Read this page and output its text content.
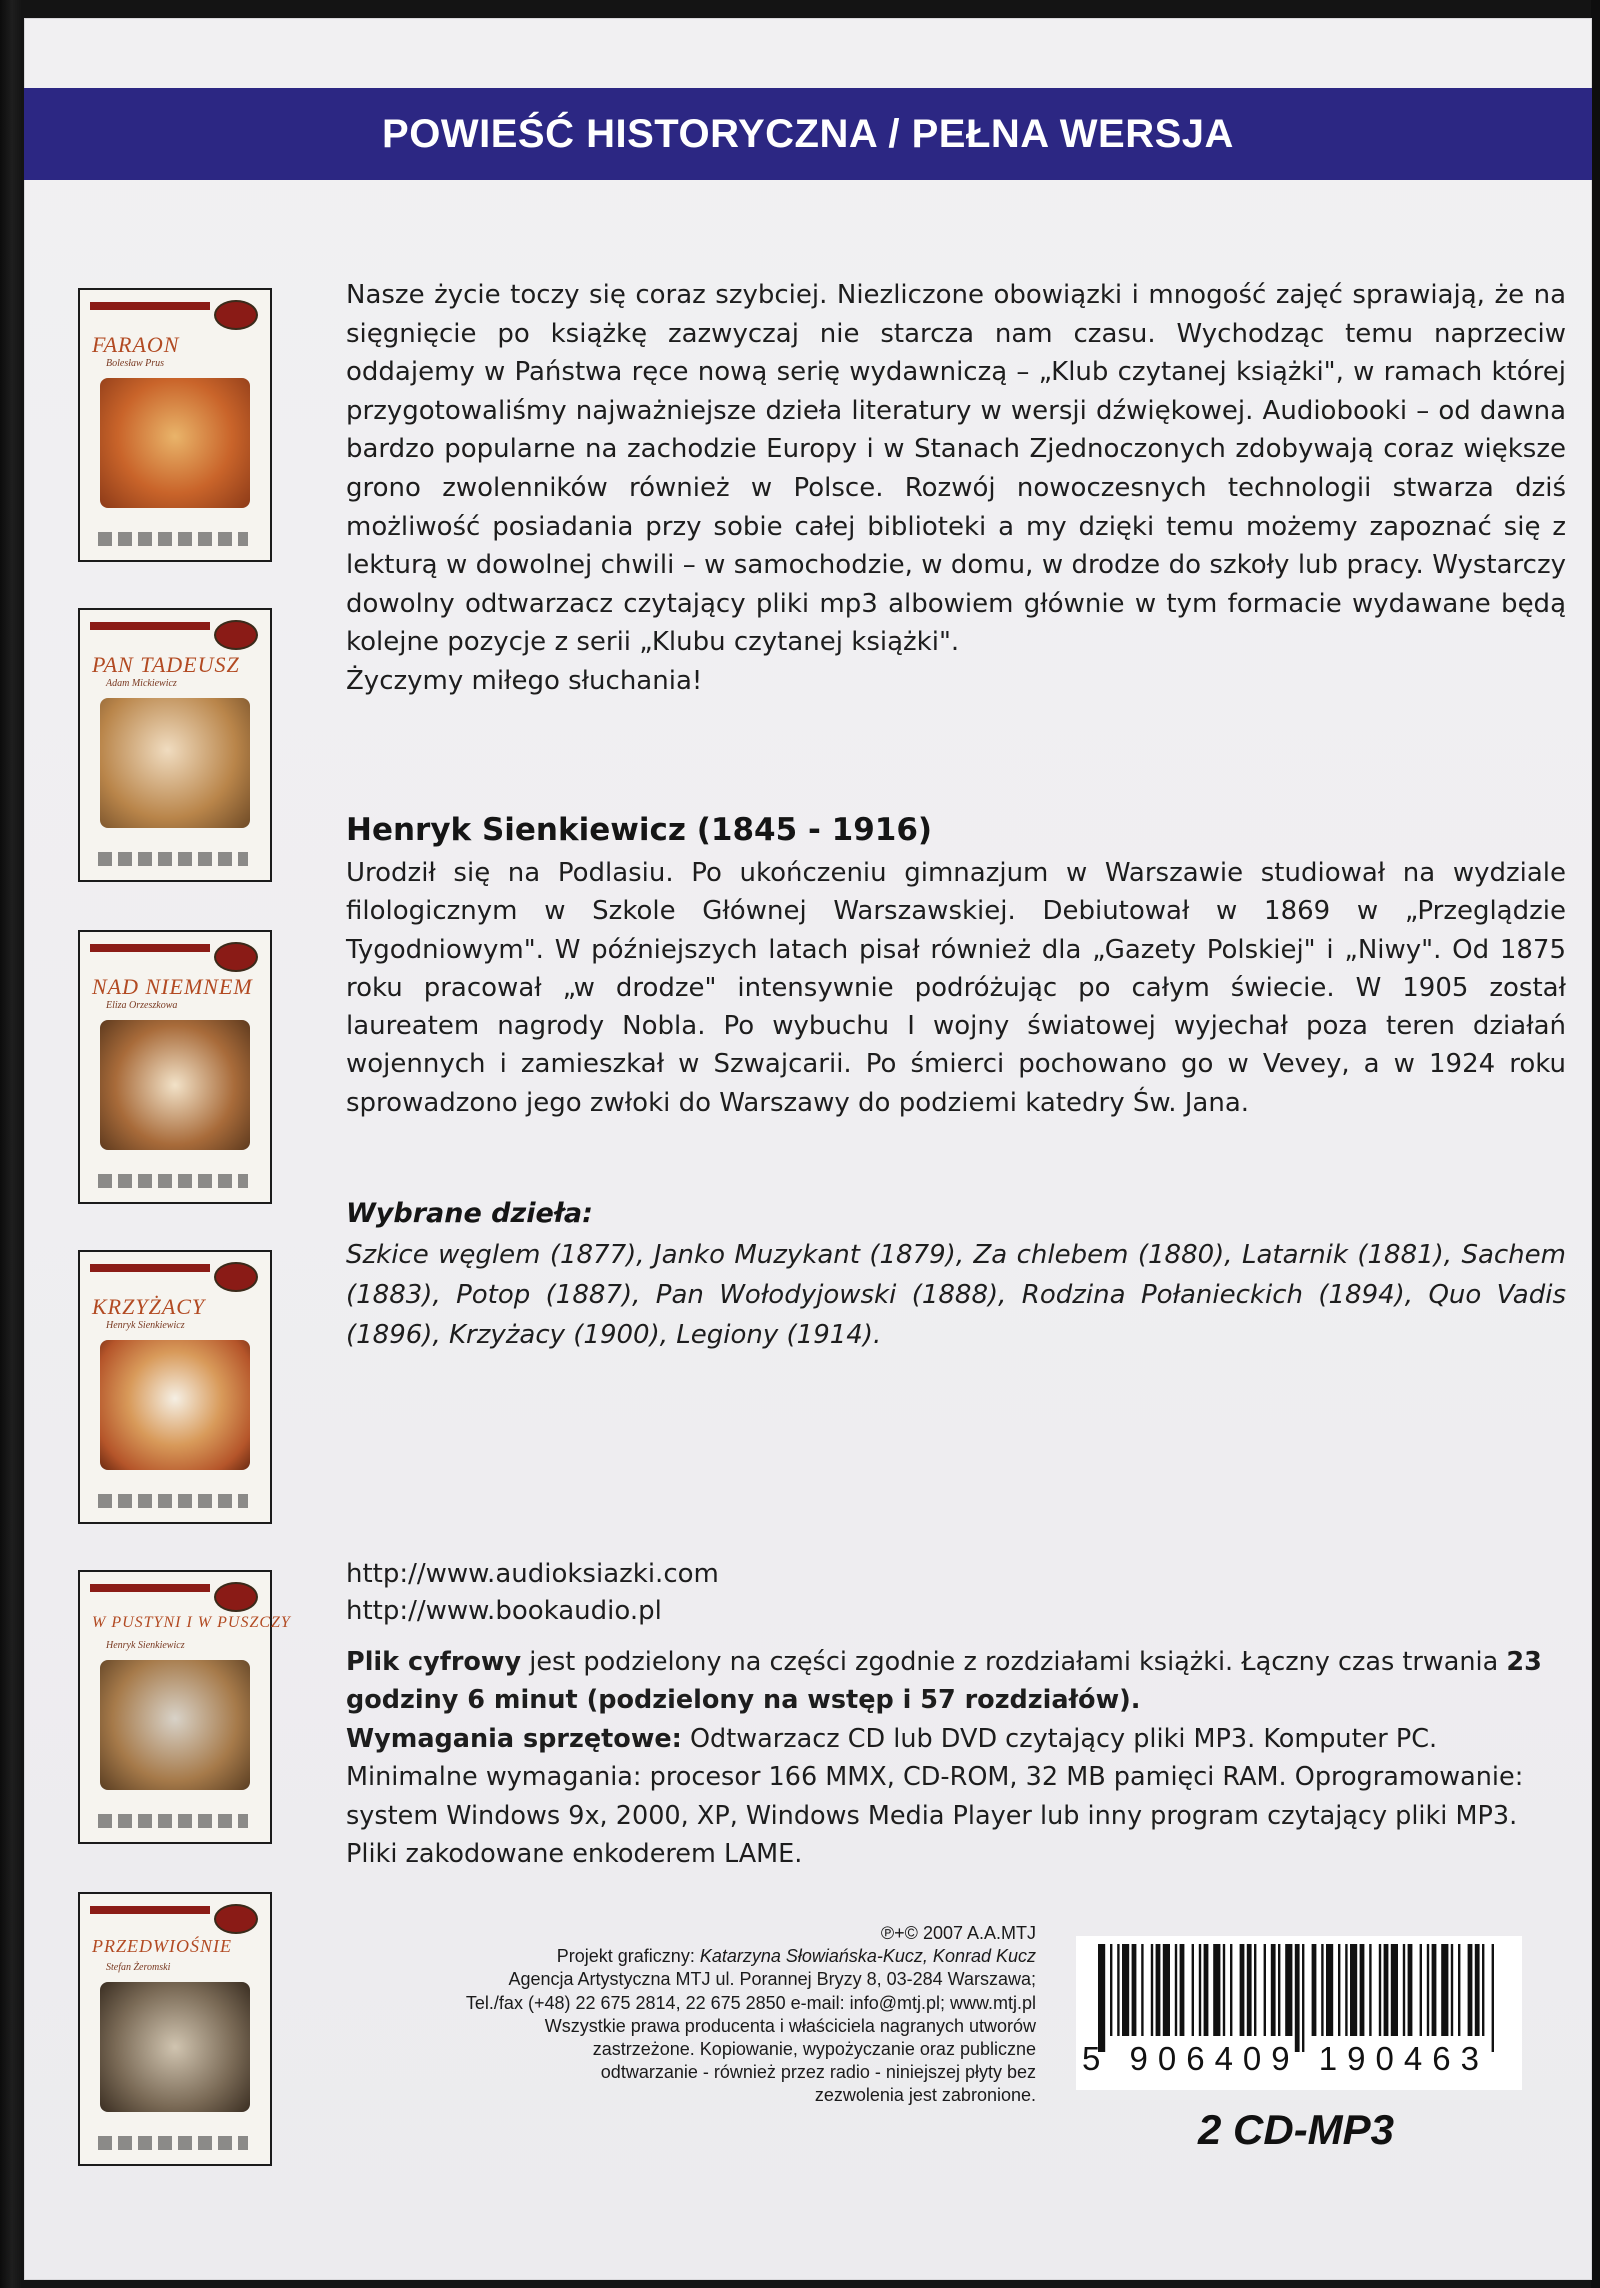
POWIEŚĆ HISTORYCZNA / PEŁNA WERSJA
FARAON
Bolesław Prus
PAN TADEUSZ
Adam Mickiewicz
NAD NIEMNEM
Eliza Orzeszkowa
KRZYŻACY
Henryk Sienkiewicz
W PUSTYNI I W PUSZCZY
Henryk Sienkiewicz
PRZEDWIOŚNIE
Stefan Żeromski

Nasze życie toczy się coraz szybciej. Niezliczone obowiązki i mnogość zajęć sprawiają, że na sięgnięcie po książkę zazwyczaj nie starcza nam czasu. Wychodząc temu naprzeciw oddajemy w Państwa ręce nową serię wydawniczą – „Klub czytanej książki", w ramach której przygotowaliśmy najważniejsze dzieła literatury w wersji dźwiękowej. Audiobooki – od dawna bardzo popularne na zachodzie Europy i w Stanach Zjednoczonych zdobywają coraz większe grono zwolenników również w Polsce. Rozwój nowoczesnych technologii stwarza dziś możliwość posiadania przy sobie całej biblioteki a my dzięki temu możemy zapoznać się z lekturą w dowolnej chwili – w samochodzie, w domu, w drodze do szkoły lub pracy. Wystarczy dowolny odtwarzacz czytający pliki mp3 albowiem głównie w tym formacie wydawane będą kolejne pozycje z serii „Klubu czytanej książki".

Życzymy miłego słuchania!

Henryk Sienkiewicz (1845 - 1916)
Urodził się na Podlasiu. Po ukończeniu gimnazjum w Warszawie studiował na wydziale filologicznym w Szkole Głównej Warszawskiej. Debiutował w 1869 w „Przeglądzie Tygodniowym". W późniejszych latach pisał również dla „Gazety Polskiej" i „Niwy". Od 1875 roku pracował „w drodze" intensywnie podróżując po całym świecie. W 1905 został laureatem nagrody Nobla. Po wybuchu I wojny światowej wyjechał poza teren działań wojennych i zamieszkał w Szwajcarii. Po śmierci pochowano go w Vevey, a w 1924 roku sprowadzono jego zwłoki do Warszawy do podziemi katedry Św. Jana.
Wybrane dzieła:
Szkice węglem (1877), Janko Muzykant (1879), Za chlebem (1880), Latarnik (1881), Sachem (1883), Potop (1887), Pan Wołodyjowski (1888), Rodzina Połanieckich (1894), Quo Vadis (1896), Krzyżacy (1900), Legiony (1914).
http://www.audioksiazki.com
http://www.bookaudio.pl
Plik cyfrowy jest podzielony na części zgodnie z rozdziałami książki. Łączny czas trwania 23 godziny 6 minut (podzielony na wstęp i 57 rozdziałów).
Wymagania sprzętowe: Odtwarzacz CD lub DVD czytający pliki MP3. Komputer PC. Minimalne wymagania: procesor 166 MMX, CD-ROM, 32 MB pamięci RAM. Oprogramowanie: system Windows 9x, 2000, XP, Windows Media Player lub inny program czytający pliki MP3. Pliki zakodowane enkoderem LAME.
℗+© 2007 A.A.MTJ
Projekt graficzny: Katarzyna Słowiańska-Kucz, Konrad Kucz
Agencja Artystyczna MTJ ul. Porannej Bryzy 8, 03-284 Warszawa;
Tel./fax (+48) 22 675 2814, 22 675 2850 e-mail: info@mtj.pl; www.mtj.pl
Wszystkie prawa producenta i właściciela nagranych utworów
zastrzeżone. Kopiowanie, wypożyczanie oraz publiczne
odtwarzanie - również przez radio - niniejszej płyty bez
zezwolenia jest zabronione.
5 906409 190463
2 CD-MP3
